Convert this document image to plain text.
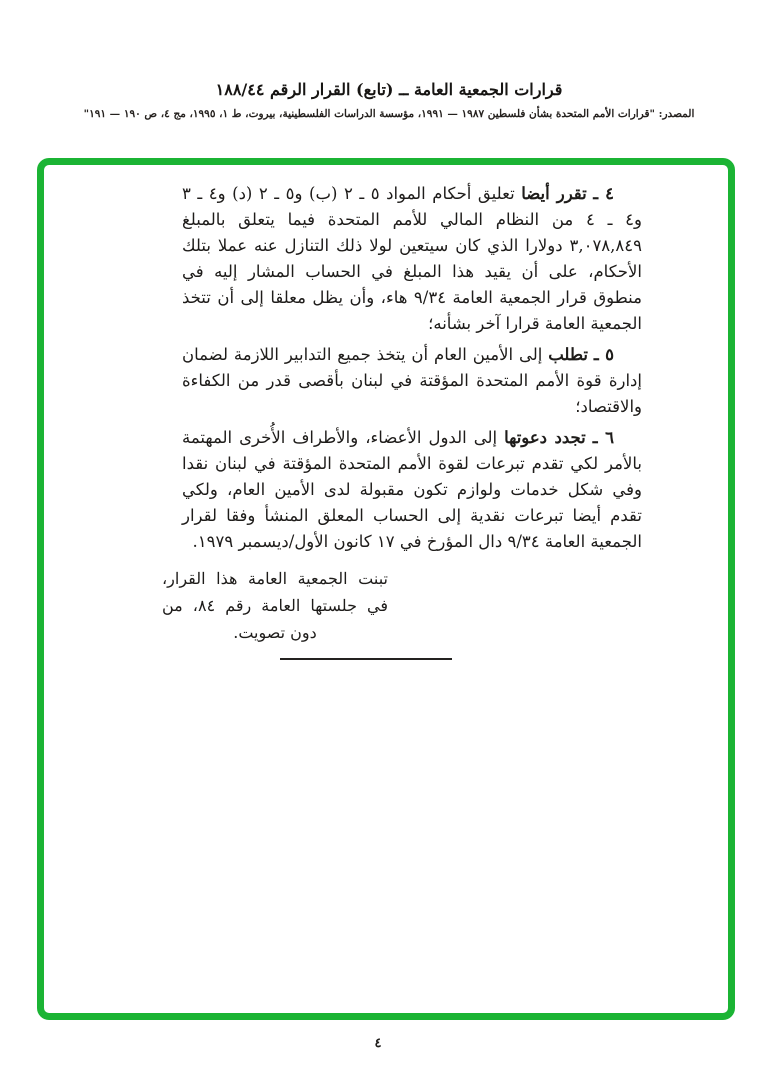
قرارات الجمعية العامة ــ (تابع) القرار الرقم ١٨٨/٤٤
المصدر: "قرارات الأمم المتحدة بشأن فلسطين ١٩٨٧ — ١٩٩١، مؤسسة الدراسات الفلسطينية، بيروت، ط ١، ١٩٩٥، مج ٤، ص ١٩٠ — ١٩١"

٤ ـ تقرر أيضا تعليق أحكام المواد ٥ ـ ٢ (ب) و٥ ـ ٢ (د) و٤ ـ ٣ و٤ ـ ٤ من النظام المالي للأمم المتحدة فيما يتعلق بالمبلغ ٣,٠٧٨,٨٤٩ دولارا الذي كان سيتعين لولا ذلك التنازل عنه عملا بتلك الأحكام، على أن يقيد هذا المبلغ في الحساب المشار إليه في منطوق قرار الجمعية العامة ٩/٣٤ هاء، وأن يظل معلقا إلى أن تتخذ الجمعية العامة قرارا آخر بشأنه؛

٥ ـ تطلب إلى الأمين العام أن يتخذ جميع التدابير اللازمة لضمان إدارة قوة الأمم المتحدة المؤقتة في لبنان بأقصى قدر من الكفاءة والاقتصاد؛

٦ ـ تجدد دعوتها إلى الدول الأعضاء، والأطراف الأُخرى المهتمة بالأمر لكي تقدم تبرعات لقوة الأمم المتحدة المؤقتة في لبنان نقدا وفي شكل خدمات ولوازم تكون مقبولة لدى الأمين العام، ولكي تقدم أيضا تبرعات نقدية إلى الحساب المعلق المنشأ وفقا لقرار الجمعية العامة ٩/٣٤ دال المؤرخ في ١٧ كانون الأول/ديسمبر ١٩٧٩.

تبنت الجمعية العامة هذا القرار، في جلستها العامة رقم ٨٤، من دون تصويت.
٤
